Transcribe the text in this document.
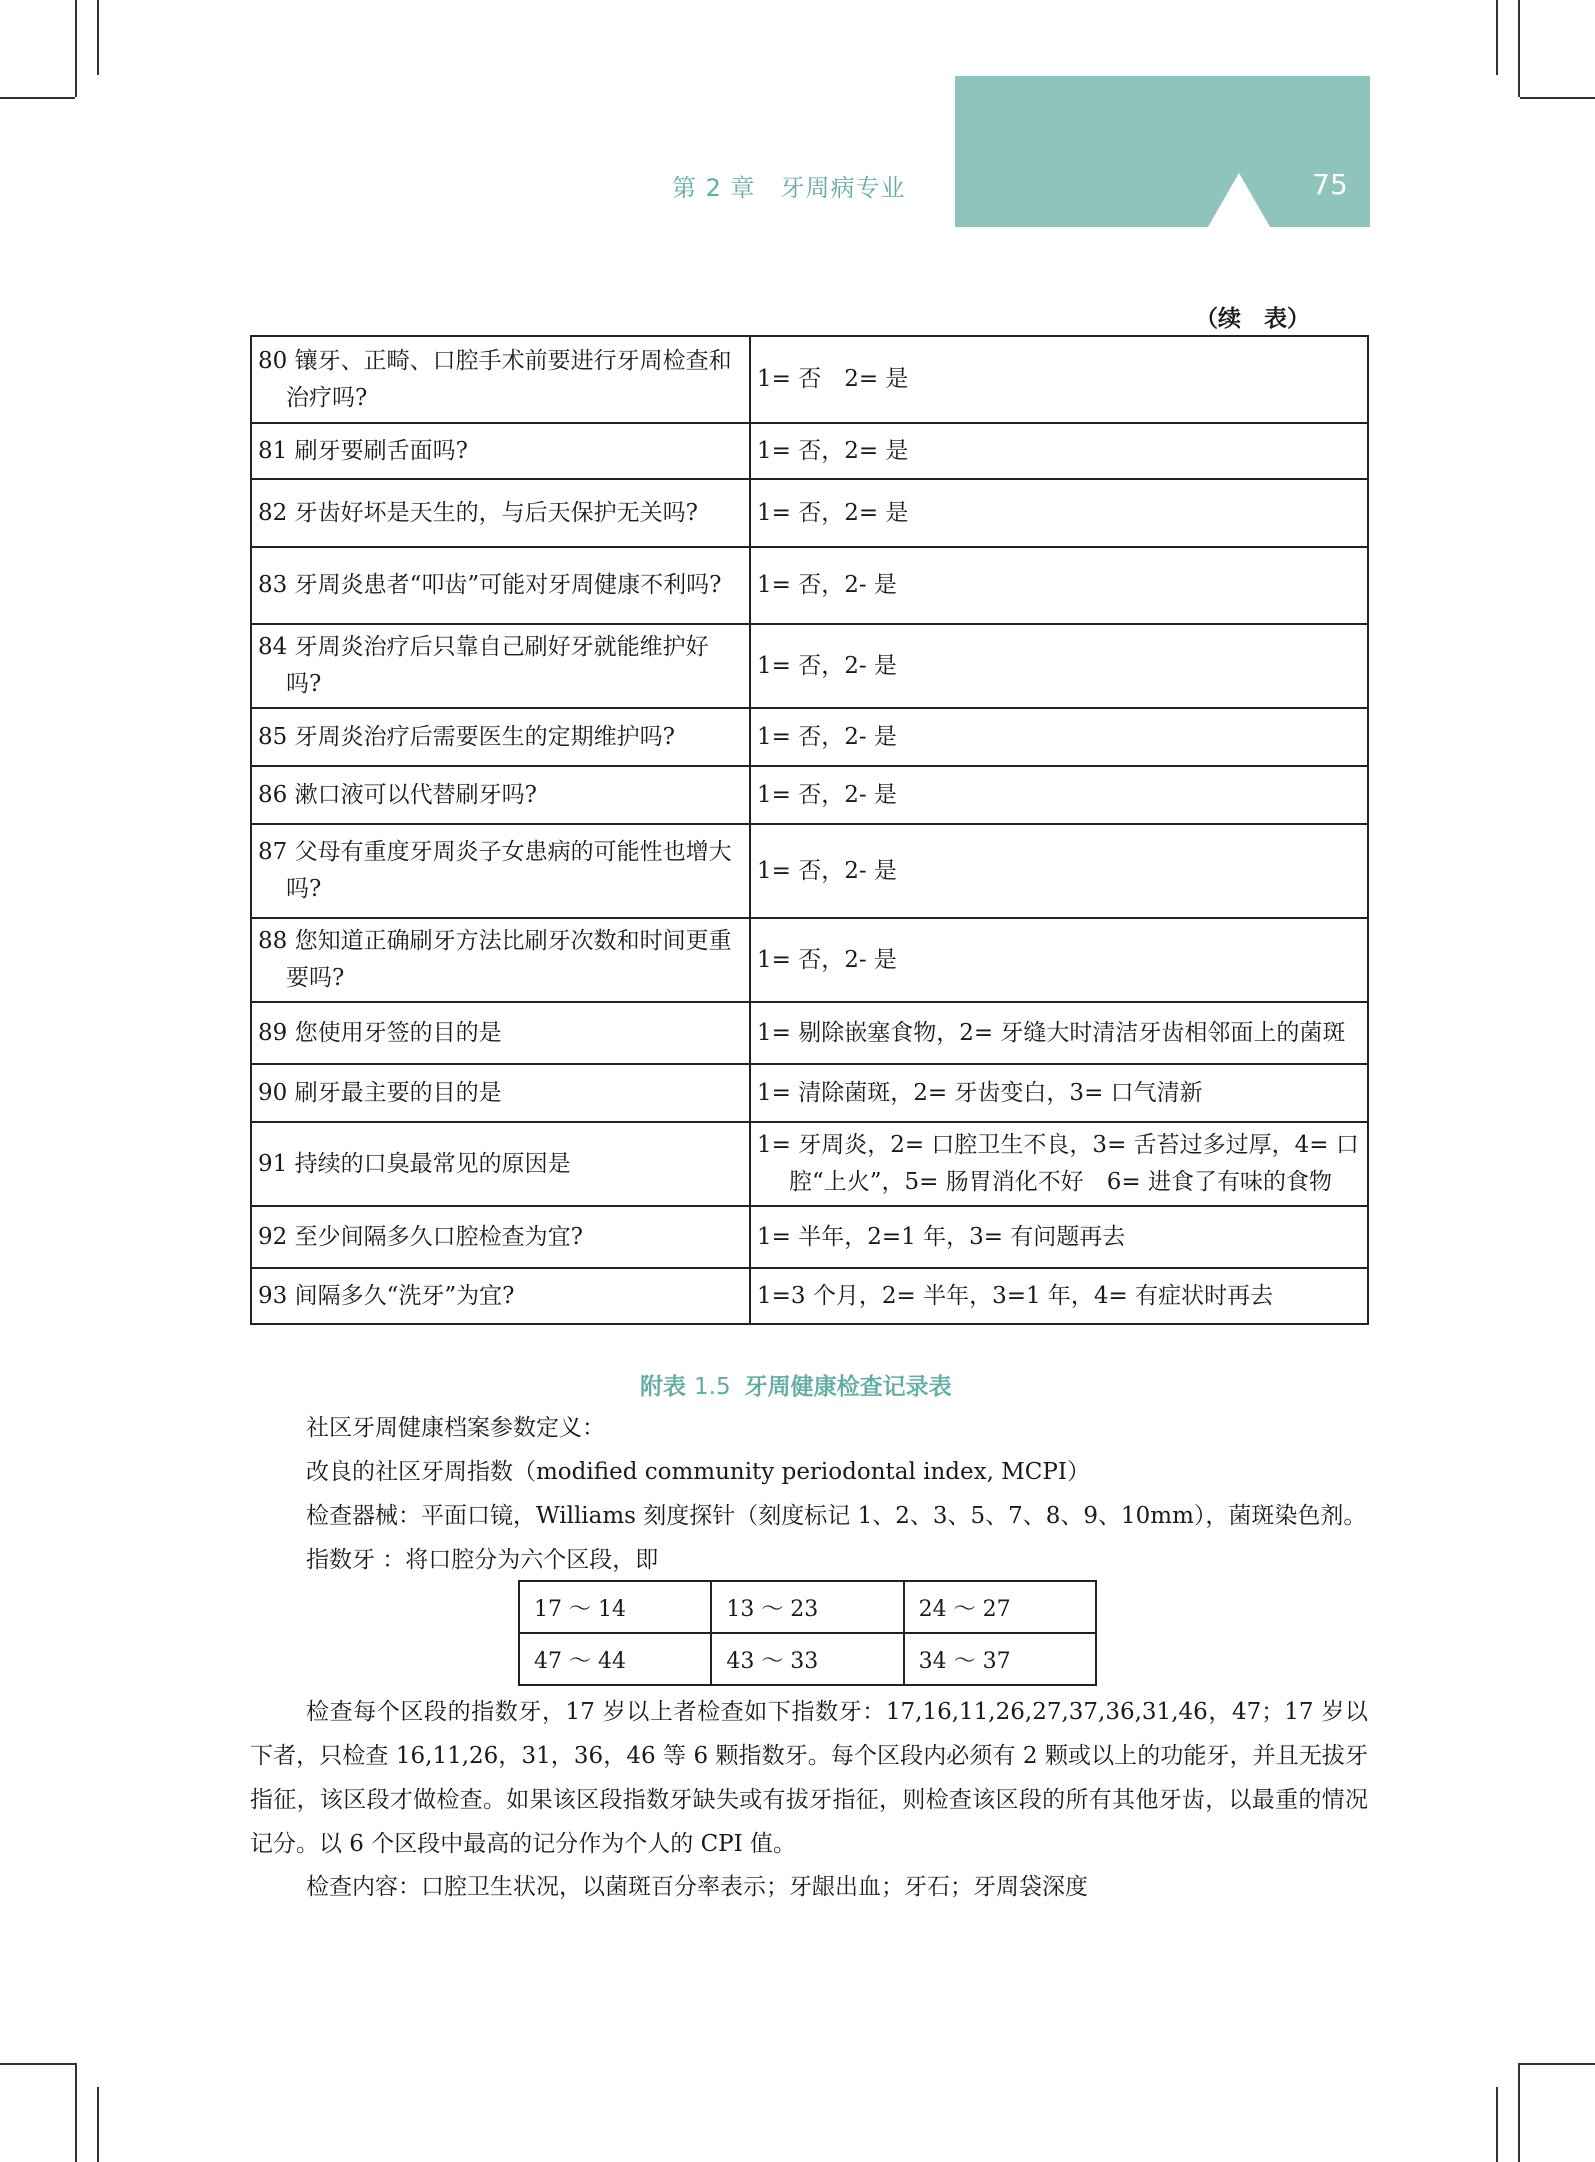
第 2 章　牙周病专业	75
（续　表）
80 镶牙、正畸、口腔手术前要进行牙周检查和治疗吗?	1= 否　2= 是

81 刷牙要刷舌面吗?	1= 否，2= 是

82 牙齿好坏是天生的，与后天保护无关吗?	1= 否，2= 是

83 牙周炎患者“叩齿”可能对牙周健康不利吗?	1= 否，2- 是

84 牙周炎治疗后只靠自己刷好牙就能维护好吗?	1= 否，2- 是

85 牙周炎治疗后需要医生的定期维护吗?	1= 否，2- 是

86 漱口液可以代替刷牙吗?	1= 否，2- 是

87 父母有重度牙周炎子女患病的可能性也增大吗?	1= 否，2- 是

88 您知道正确刷牙方法比刷牙次数和时间更重要吗?	1= 否，2- 是

89 您使用牙签的目的是	1= 剔除嵌塞食物，2= 牙缝大时清洁牙齿相邻面上的菌斑

90 刷牙最主要的目的是	1= 清除菌斑，2= 牙齿变白，3= 口气清新

91 持续的口臭最常见的原因是	1= 牙周炎，2= 口腔卫生不良，3= 舌苔过多过厚，4= 口腔“上火”，5= 肠胃消化不好　6= 进食了有味的食物

92 至少间隔多久口腔检查为宜?	1= 半年，2=1 年，3= 有问题再去

93 间隔多久“洗牙”为宜?	1=3 个月，2= 半年，3=1 年，4= 有症状时再去
附表 1.5 牙周健康检查记录表
社区牙周健康档案参数定义：
改良的社区牙周指数（modified community periodontal index, MCPI）
检查器械：平面口镜，Williams 刻度探针（刻度标记 1、2、3、5、7、8、9、10mm），菌斑染色剂。
指数牙 ：将口腔分为六个区段，即
17 ～ 14	13 ～ 23	24 ～ 27
47 ～ 44	43 ～ 33	34 ～ 37
检查每个区段的指数牙，17 岁以上者检查如下指数牙：17,16,11,26,27,37,36,31,46，47；17 岁以下者，只检查 16,11,26，31，36，46 等 6 颗指数牙。每个区段内必须有 2 颗或以上的功能牙，并且无拔牙指征，该区段才做检查。如果该区段指数牙缺失或有拔牙指征，则检查该区段的所有其他牙齿，以最重的情况记分。以 6 个区段中最高的记分作为个人的 CPI 值。
检查内容：口腔卫生状况，以菌斑百分率表示；牙龈出血；牙石；牙周袋深度
